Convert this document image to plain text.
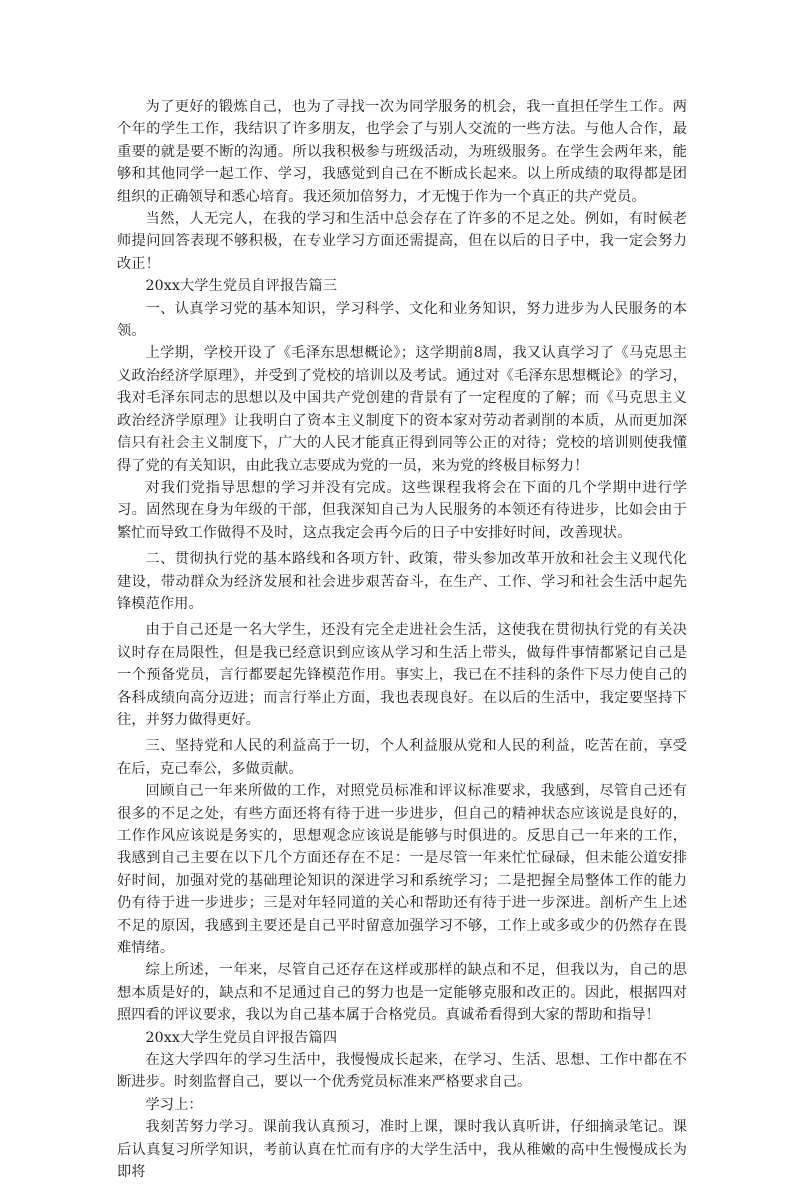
为了更好的锻炼自己，也为了寻找一次为同学服务的机会，我一直担任学生工作。两个年的学生工作，我结识了许多朋友，也学会了与别人交流的一些方法。与他人合作，最重要的就是要不断的沟通。所以我积极参与班级活动，为班级服务。在学生会两年来，能够和其他同学一起工作、学习，我感觉到自己在不断成长起来。以上所成绩的取得都是团组织的正确领导和悉心培育。我还须加倍努力，才无愧于作为一个真正的共产党员。

当然，人无完人，在我的学习和生活中总会存在了许多的不足之处。例如，有时候老师提问回答表现不够积极，在专业学习方面还需提高，但在以后的日子中，我一定会努力改正！

20xx大学生党员自评报告篇三

一、认真学习党的基本知识，学习科学、文化和业务知识，努力进步为人民服务的本领。

上学期，学校开设了《毛泽东思想概论》；这学期前8周，我又认真学习了《马克思主义政治经济学原理》，并受到了党校的培训以及考试。通过对《毛泽东思想概论》的学习，我对毛泽东同志的思想以及中国共产党创建的背景有了一定程度的了解；而《马克思主义政治经济学原理》让我明白了资本主义制度下的资本家对劳动者剥削的本质，从而更加深信只有社会主义制度下，广大的人民才能真正得到同等公正的对待；党校的培训则使我懂得了党的有关知识，由此我立志要成为党的一员，来为党的终极目标努力！

对我们党指导思想的学习并没有完成。这些课程我将会在下面的几个学期中进行学习。固然现在身为年级的干部，但我深知自己为人民服务的本领还有待进步，比如会由于繁忙而导致工作做得不及时，这点我定会再今后的日子中安排好时间，改善现状。

二、贯彻执行党的基本路线和各项方针、政策，带头参加改革开放和社会主义现代化建设，带动群众为经济发展和社会进步艰苦奋斗，在生产、工作、学习和社会生活中起先锋模范作用。

由于自己还是一名大学生，还没有完全走进社会生活，这使我在贯彻执行党的有关决议时存在局限性，但是我已经意识到应该从学习和生活上带头，做每件事情都紧记自己是一个预备党员，言行都要起先锋模范作用。事实上，我已在不挂科的条件下尽力使自己的各科成绩向高分迈进；而言行举止方面，我也表现良好。在以后的生活中，我定要坚持下往，并努力做得更好。

三、坚持党和人民的利益高于一切，个人利益服从党和人民的利益，吃苦在前，享受在后，克己奉公，多做贡献。

回顾自己一年来所做的工作，对照党员标准和评议标准要求，我感到，尽管自己还有很多的不足之处，有些方面还将有待于进一步进步，但自己的精神状态应该说是良好的，工作作风应该说是务实的，思想观念应该说是能够与时俱进的。反思自己一年来的工作，我感到自己主要在以下几个方面还存在不足：一是尽管一年来忙忙碌碌，但未能公道安排好时间，加强对党的基础理论知识的深进学习和系统学习；二是把握全局整体工作的能力仍有待于进一步进步；三是对年轻同道的关心和帮助还有待于进一步深进。剖析产生上述不足的原因，我感到主要还是自己平时留意加强学习不够，工作上或多或少的仍然存在畏难情绪。

综上所述，一年来，尽管自己还存在这样或那样的缺点和不足，但我以为，自己的思想本质是好的，缺点和不足通过自己的努力也是一定能够克服和改正的。因此，根据四对照四看的评议要求，我以为自己基本属于合格党员。真诚希看得到大家的帮助和指导！

20xx大学生党员自评报告篇四

在这大学四年的学习生活中，我慢慢成长起来，在学习、生活、思想、工作中都在不断进步。时刻监督自己，要以一个优秀党员标准来严格要求自己。

学习上：

我刻苦努力学习。课前我认真预习，准时上课，课时我认真听讲，仔细摘录笔记。课后认真复习所学知识，考前认真在忙而有序的大学生活中，我从稚嫩的高中生慢慢成长为即将
